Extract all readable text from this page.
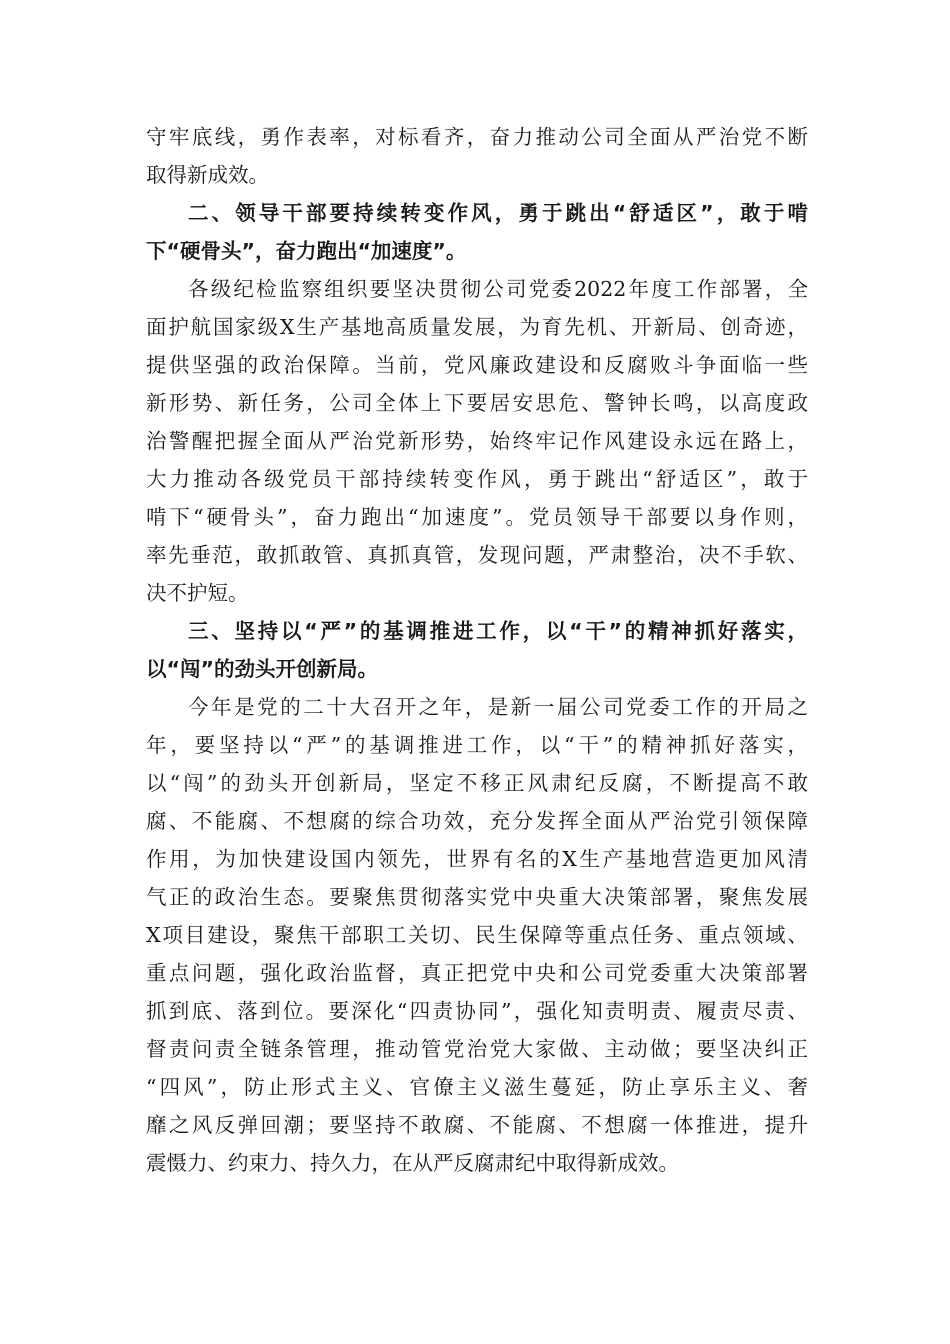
守牢底线，勇作表率，对标看齐，奋力推动公司全面从严治党不断
取得新成效。
二、领导干部要持续转变作风，勇于跳出“舒适区”，敢于啃
下“硬骨头”，奋力跑出“加速度”。
各级纪检监察组织要坚决贯彻公司党委2022年度工作部署，全
面护航国家级X生产基地高质量发展，为育先机、开新局、创奇迹，
提供坚强的政治保障。当前，党风廉政建设和反腐败斗争面临一些
新形势、新任务，公司全体上下要居安思危、警钟长鸣，以高度政
治警醒把握全面从严治党新形势，始终牢记作风建设永远在路上，
大力推动各级党员干部持续转变作风，勇于跳出“舒适区”，敢于
啃下“硬骨头”，奋力跑出“加速度”。党员领导干部要以身作则，
率先垂范，敢抓敢管、真抓真管，发现问题，严肃整治，决不手软、
决不护短。
三、坚持以“严”的基调推进工作，以“干”的精神抓好落实，
以“闯”的劲头开创新局。
今年是党的二十大召开之年，是新一届公司党委工作的开局之
年，要坚持以“严”的基调推进工作，以“干”的精神抓好落实，
以“闯”的劲头开创新局，坚定不移正风肃纪反腐，不断提高不敢
腐、不能腐、不想腐的综合功效，充分发挥全面从严治党引领保障
作用，为加快建设国内领先，世界有名的X生产基地营造更加风清
气正的政治生态。要聚焦贯彻落实党中央重大决策部署，聚焦发展
X项目建设，聚焦干部职工关切、民生保障等重点任务、重点领域、
重点问题，强化政治监督，真正把党中央和公司党委重大决策部署
抓到底、落到位。要深化“四责协同”，强化知责明责、履责尽责、
督责问责全链条管理，推动管党治党大家做、主动做；要坚决纠正
“四风”，防止形式主义、官僚主义滋生蔓延，防止享乐主义、奢
靡之风反弹回潮；要坚持不敢腐、不能腐、不想腐一体推进，提升
震慑力、约束力、持久力，在从严反腐肃纪中取得新成效。
